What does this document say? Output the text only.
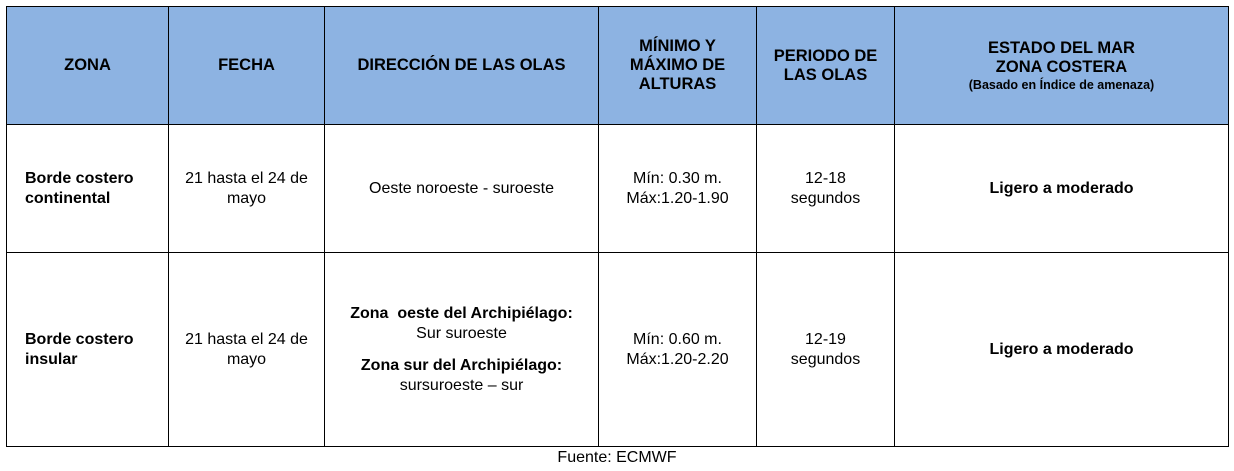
ZONA	FECHA	DIRECCIÓN DE LAS OLAS	MÍNIMO Y
MÁXIMO DE
ALTURAS	PERIODO DE
LAS OLAS	ESTADO DEL MAR
ZONA COSTERA
(Basado en Índice de amenaza)

Borde costero
continental	21 hasta el 24 de
mayo	Oeste noroeste - suroeste	Mín: 0.30 m.
Máx:1.20-1.90	12-18
segundos	Ligero a moderado

Borde costero
insular	21 hasta el 24 de
mayo	Zona  oeste del Archipiélago:
Sur suroeste
Zona sur del Archipiélago:
sursuroeste – sur	Mín: 0.60 m.
Máx:1.20-2.20	12-19
segundos	Ligero a moderado
Fuente: ECMWF
